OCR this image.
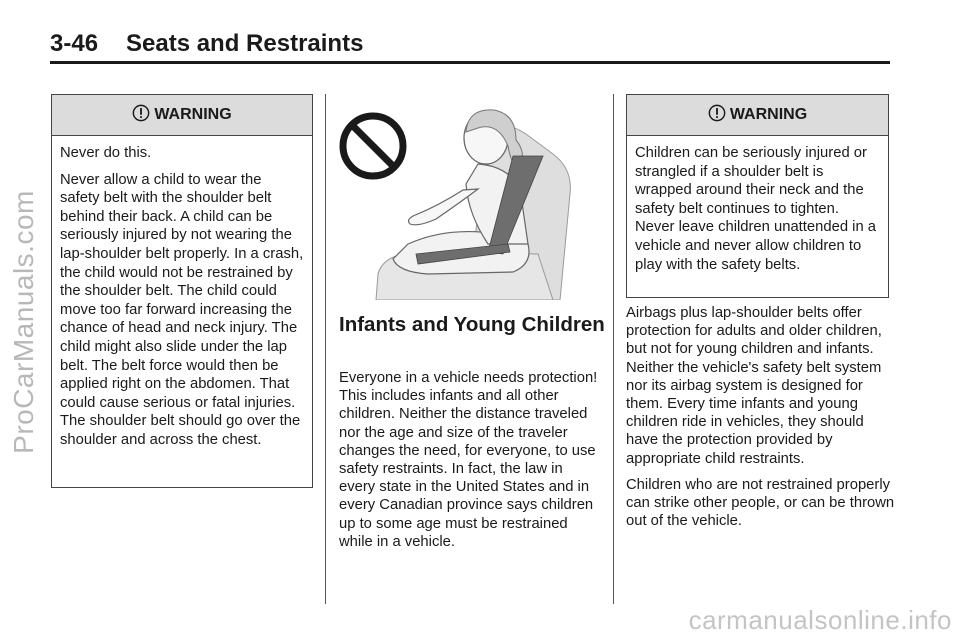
3-46 Seats and Restraints
ProCarManuals.com
carmanualsonline.info
WARNING

Never do this.

Never allow a child to wear the safety belt with the shoulder belt behind their back. A child can be seriously injured by not wearing the lap-shoulder belt properly. In a crash, the child would not be restrained by the shoulder belt. The child could move too far forward increasing the chance of head and neck injury. The child might also slide under the lap belt. The belt force would then be applied right on the abdomen. That could cause serious or fatal injuries. The shoulder belt should go over the shoulder and across the chest.

Infants and Young Children

Everyone in a vehicle needs protection! This includes infants and all other children. Neither the distance traveled nor the age and size of the traveler changes the need, for everyone, to use safety restraints. In fact, the law in every state in the United States and in every Canadian province says children up to some age must be restrained while in a vehicle.

WARNING

Children can be seriously injured or strangled if a shoulder belt is wrapped around their neck and the safety belt continues to tighten. Never leave children unattended in a vehicle and never allow children to play with the safety belts.

Airbags plus lap-shoulder belts offer protection for adults and older children, but not for young children and infants. Neither the vehicle's safety belt system nor its airbag system is designed for them. Every time infants and young children ride in vehicles, they should have the protection provided by appropriate child restraints.

Children who are not restrained properly can strike other people, or can be thrown out of the vehicle.
